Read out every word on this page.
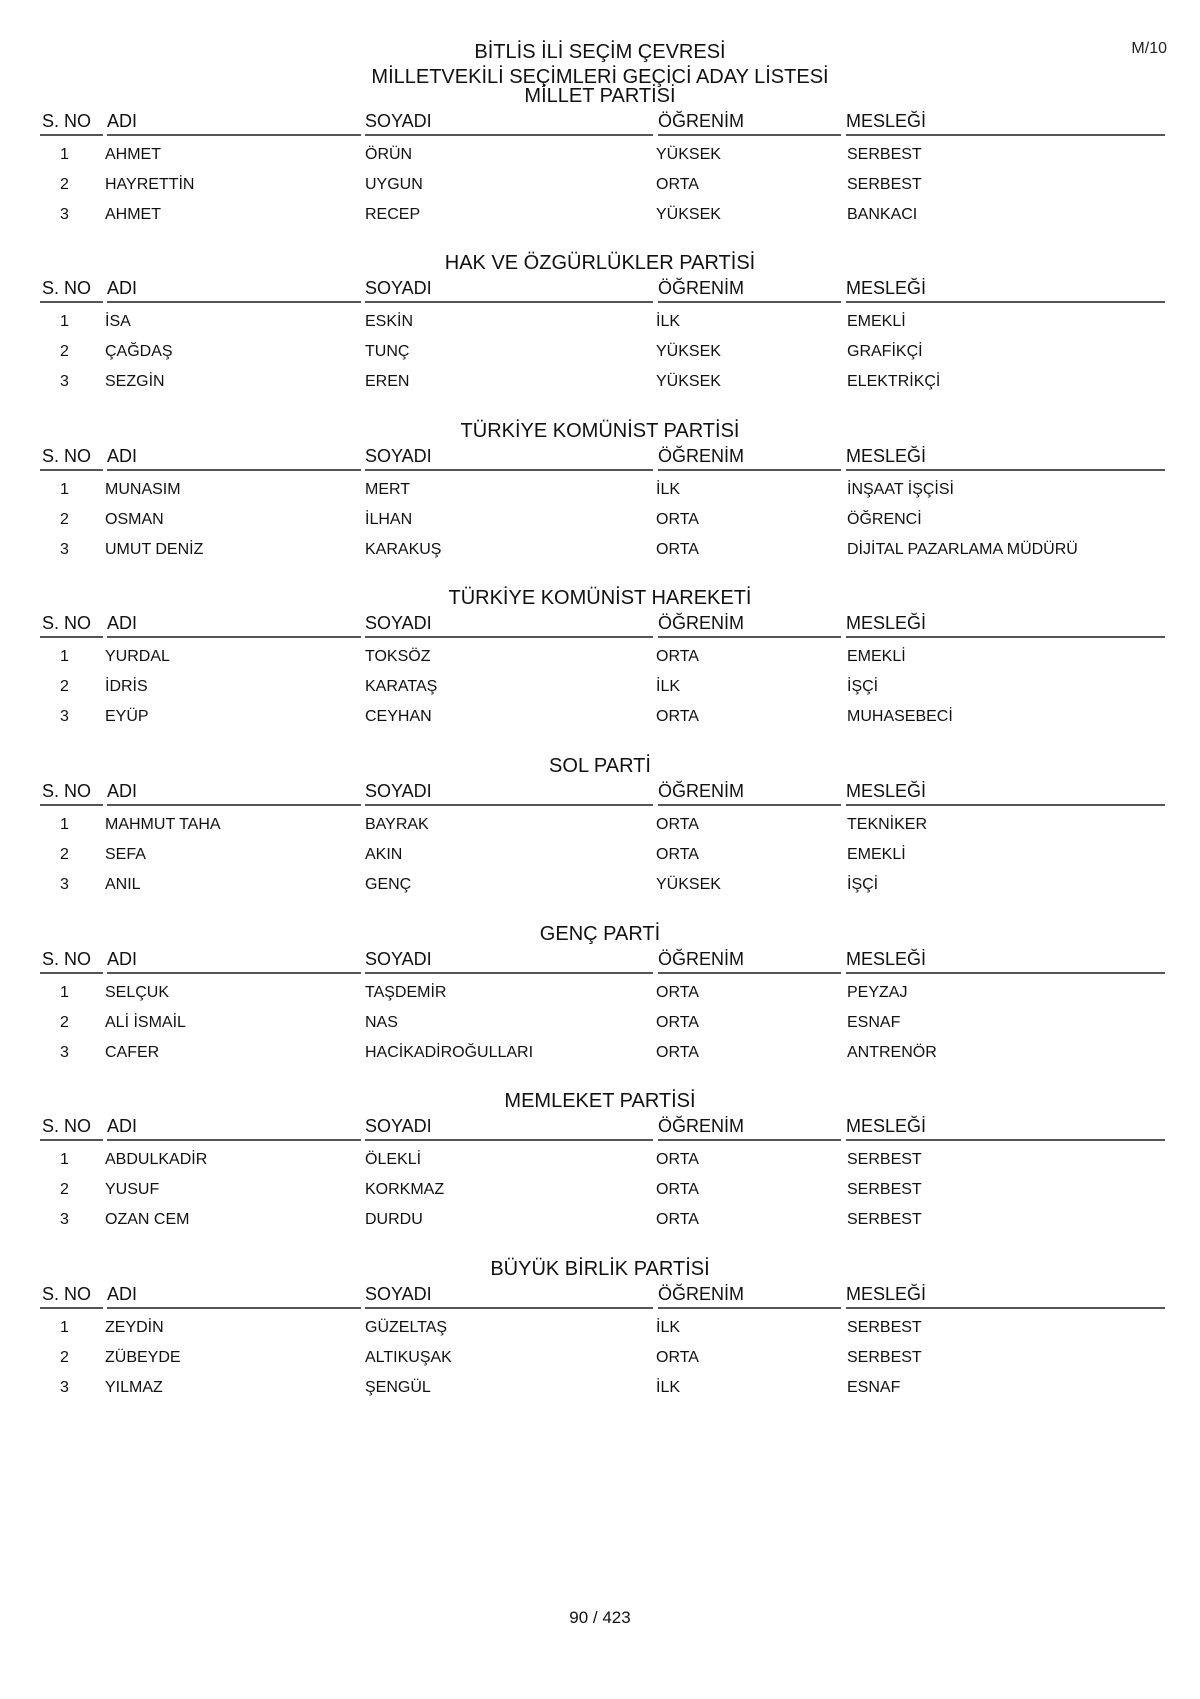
M/10
BİTLİS İLİ SEÇİM ÇEVRESİ
MİLLETVEKİLİ SEÇİMLERİ GEÇİCİ ADAY LİSTESİ
MİLLET PARTİSİ
S. NO ADI	SOYADI	ÖĞRENİM	MESLEĞİ
1	AHMET	ÖRÜN	YÜKSEK	SERBEST
2	HAYRETTİN	UYGUN	ORTA	SERBEST
3	AHMET	RECEP	YÜKSEK	BANKACI
HAK VE ÖZGÜRLÜKLER PARTİSİ
S. NO ADI	SOYADI	ÖĞRENİM	MESLEĞİ
1	İSA	ESKİN	İLK	EMEKLİ
2	ÇAĞDAŞ	TUNÇ	YÜKSEK	GRAFİKÇİ
3	SEZGİN	EREN	YÜKSEK	ELEKTRİKÇİ
TÜRKİYE KOMÜNİST PARTİSİ
S. NO ADI	SOYADI	ÖĞRENİM	MESLEĞİ
1	MUNASIM	MERT	İLK	İNŞAAT İŞÇİSİ
2	OSMAN	İLHAN	ORTA	ÖĞRENCİ
3	UMUT DENİZ	KARAKUŞ	ORTA	DİJİTAL PAZARLAMA MÜDÜRÜ
TÜRKİYE KOMÜNİST HAREKETİ
S. NO ADI	SOYADI	ÖĞRENİM	MESLEĞİ
1	YURDAL	TOKSÖZ	ORTA	EMEKLİ
2	İDRİS	KARATAŞ	İLK	İŞÇİ
3	EYÜP	CEYHAN	ORTA	MUHASEBECİ
SOL PARTİ
S. NO ADI	SOYADI	ÖĞRENİM	MESLEĞİ
1	MAHMUT TAHA	BAYRAK	ORTA	TEKNİKER
2	SEFA	AKIN	ORTA	EMEKLİ
3	ANIL	GENÇ	YÜKSEK	İŞÇİ
GENÇ PARTİ
S. NO ADI	SOYADI	ÖĞRENİM	MESLEĞİ
1	SELÇUK	TAŞDEMİR	ORTA	PEYZAJ
2	ALİ İSMAİL	NAS	ORTA	ESNAF
3	CAFER	HACİKADİROĞULLARI	ORTA	ANTRENÖR
MEMLEKET PARTİSİ
S. NO ADI	SOYADI	ÖĞRENİM	MESLEĞİ
1	ABDULKADİR	ÖLEKLİ	ORTA	SERBEST
2	YUSUF	KORKMAZ	ORTA	SERBEST
3	OZAN CEM	DURDU	ORTA	SERBEST
BÜYÜK BİRLİK PARTİSİ
S. NO ADI	SOYADI	ÖĞRENİM	MESLEĞİ
1	ZEYDİN	GÜZELTAŞ	İLK	SERBEST
2	ZÜBEYDE	ALTIKUŞAK	ORTA	SERBEST
3	YILMAZ	ŞENGÜL	İLK	ESNAF
90 / 423
